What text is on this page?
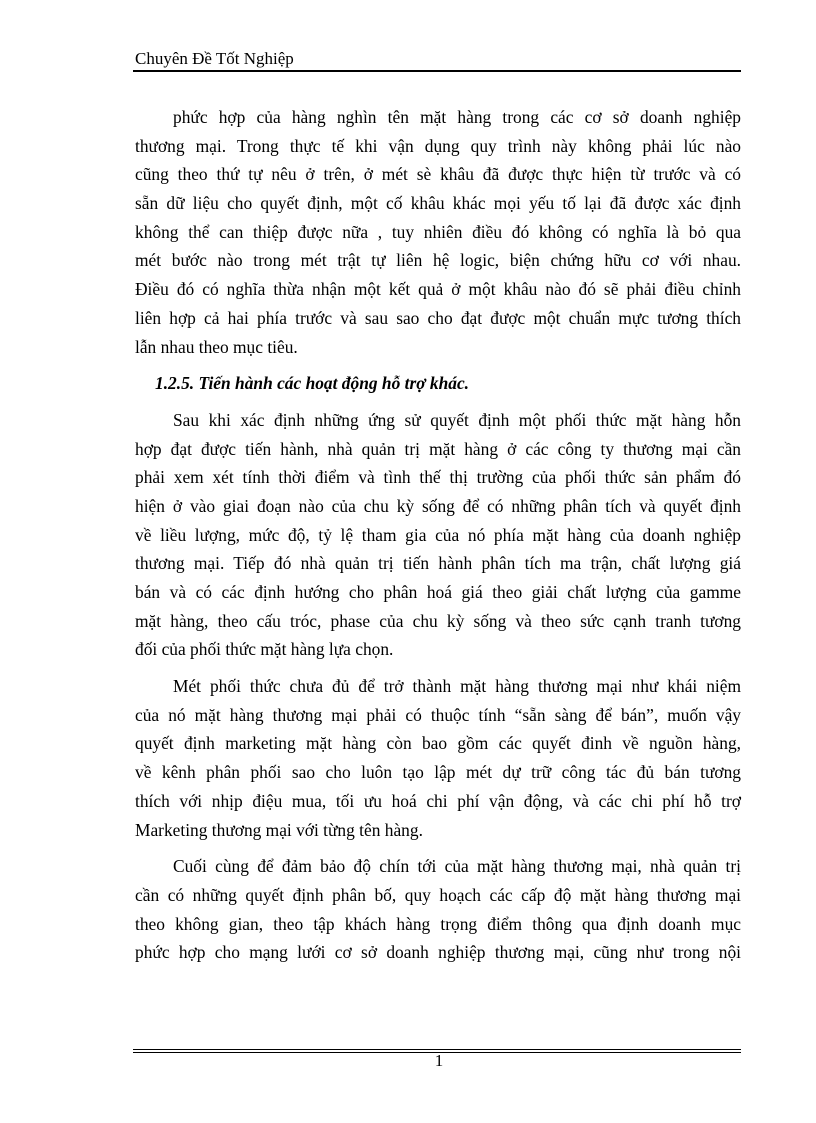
Chuyên Đề Tốt Nghiệp
phức hợp của hàng nghìn tên mặt hàng trong các cơ sở doanh nghiệp
thương mại. Trong thực tế khi vận dụng quy trình này không phải lúc nào
cũng theo thứ tự nêu ở trên, ở mét sè khâu đã được thực hiện từ trước và có
sẵn dữ liệu cho quyết định, một cố khâu khác mọi yếu tố lại đã được xác định
không thể can thiệp được nữa , tuy nhiên điều đó không có nghĩa là bỏ qua
mét bước nào trong mét trật tự liên hệ logic, biện chứng hữu cơ với nhau.
Điều đó có nghĩa thừa nhận một kết quả ở một khâu nào đó sẽ phải điều chỉnh
liên hợp cả hai phía trước và sau sao cho đạt được một chuẩn mực tương thích
lẫn nhau theo mục tiêu.
1.2.5. Tiến hành các hoạt động hỗ trợ khác.
Sau khi xác định những ứng sử quyết định một phối thức mặt hàng hỗn
hợp đạt được tiến hành, nhà quản trị mặt hàng ở các công ty thương mại cần
phải xem xét tính thời điểm và tình thế thị trường của phối thức sản phẩm đó
hiện ở vào giai đoạn nào của chu kỳ sống để có những phân tích và quyết định
về liều lượng, mức độ, tỷ lệ tham gia của nó phía mặt hàng của doanh nghiệp
thương mại. Tiếp đó nhà quản trị tiến hành phân tích ma trận, chất lượng giá
bán và có các định hướng cho phân hoá giá theo giải chất lượng của gamme
mặt hàng, theo cấu tróc, phase của chu kỳ sống và theo sức cạnh tranh tương
đối của phối thức mặt hàng lựa chọn.
Mét phối thức chưa đủ để trở thành mặt hàng thương mại như khái niệm
của nó mặt hàng thương mại phải có thuộc tính “sẵn sàng để bán”, muốn vậy
quyết định marketing mặt hàng còn bao gồm các quyết đinh về nguồn hàng,
về kênh phân phối sao cho luôn tạo lập mét dự trữ công tác đủ bán tương
thích với nhịp điệu mua, tối ưu hoá chi phí vận động, và các chi phí hỗ trợ
Marketing thương mại với từng tên hàng.
Cuối cùng để đảm bảo độ chín tới của mặt hàng thương mại, nhà quản trị
cần có những quyết định phân bố, quy hoạch các cấp độ mặt hàng thương mại
theo không gian, theo tập khách hàng trọng điểm thông qua định doanh mục
phức hợp cho mạng lưới cơ sở doanh nghiệp thương mại, cũng như trong nội
1
